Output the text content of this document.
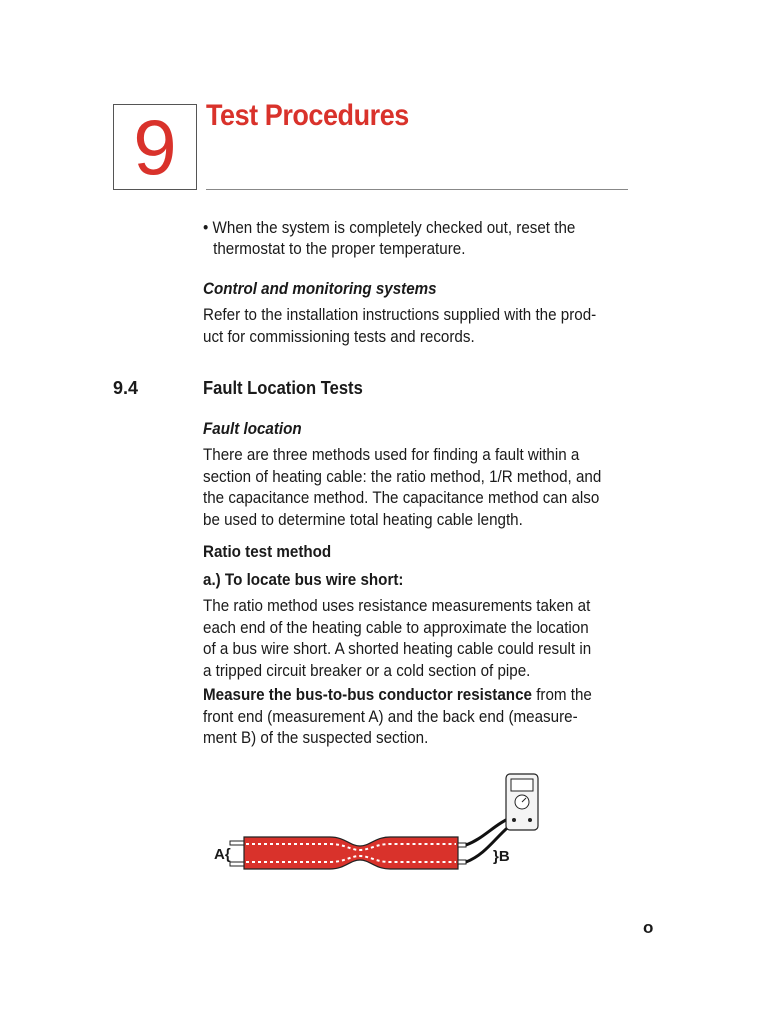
9 Test Procedures
• When the system is completely checked out, reset the
thermostat to the proper temperature.
Control and monitoring systems
Refer to the installation instructions supplied with the prod-
uct for commissioning tests and records.
9.4	Fault Location Tests
Fault location
There are three methods used for finding a fault within a
section of heating cable: the ratio method, 1/R method, and
the capacitance method. The capacitance method can also
be used to determine total heating cable length.
Ratio test method
a.) To locate bus wire short:
The ratio method uses resistance measurements taken at
each end of the heating cable to approximate the location
of a bus wire short. A shorted heating cable could result in
a tripped circuit breaker or a cold section of pipe.
Measure the bus-to-bus conductor resistance from the
front end (measurement A) and the back end (measure-
ment B) of the suspected section.
A{	}B
o
